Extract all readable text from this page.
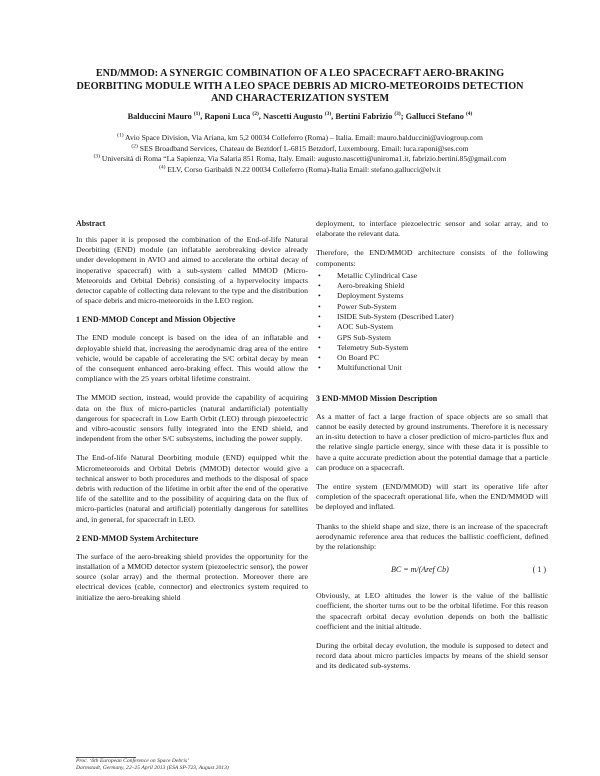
END/MMOD: A SYNERGIC COMBINATION OF A LEO SPACECRAFT AERO-BRAKING DEORBITING MODULE WITH A LEO SPACE DEBRIS AD MICRO-METEOROIDS DETECTION AND CHARACTERIZATION SYSTEM
Balduccini Mauro $^{(1)}$, Raponi Luca $^{(2)}$, Nascetti Augusto $^{(3)}$, Bertini Fabrizio $^{(3)}$; Gallucci Stefano $^{(4)}$

$^{(1)}$ Avio Space Division, Via Ariana, km 5,2 00034 Colleferro (Roma) – Italia. Email: mauro.balduccini@aviogroup.com

$^{(2)}$ SES Broadband Services, Chateau de Beztdorf L-6815 Betzdorf, Luxembourg. Email: luca.raponi@ses.com

$^{(3)}$ Università di Roma “La Sapienza, Via Salaria 851 Roma, Italy. Email: augusto.nascetti@uniroma1.it, fabrizio.bertini.85@gmail.com

$^{(4)}$ ELV, Corso Garibaldi N.22 00034 Colleferro (Roma)-Italia Email: stefano.gallucci@elv.it

Abstract

In this paper it is proposed the combination of the End-of-life Natural Deorbiting (END) module (an inflatable aerobreaking device already under development in AVIO and aimed to accelerate the orbital decay of inoperative spacecraft) with a sub-system called MMOD (Micro-Meteoroids and Orbital Debris) consisting of a hypervelocity impacts detector capable of collecting data relevant to the type and the distribution of space debris and micro-meteoroids in the LEO region.

1 END-MMOD Concept and Mission Objective

The END module concept is based on the idea of an inflatable and deployable shield that, increasing the aerodynamic drag area of the entire vehicle, would be capable of accelerating the S/C orbital decay by mean of the consequent enhanced aero-braking effect. This would allow the compliance with the 25 years orbital lifetime constraint.

The MMOD section, instead, would provide the capability of acquiring data on the flux of micro-particles (natural andartificial) potentially dangerous for spacecraft in Low Earth Orbit (LEO) through piezoelectric and vibro-acoustic sensors fully integrated into the END shield, and independent from the other S/C subsystems, including the power supply.

The End-of-life Natural Deorbiting module (END) equipped whit the Micrometeoroids and Orbital Debris (MMOD) detector would give a technical answer to both procedures and methods to the disposal of space debris with reduction of the lifetime in orbit after the end of the operative life of the satellite and to the possibility of acquiring data on the flux of micro-particles (natural and artificial) potentially dangerous for satellites and, in general, for spacecraft in LEO.

2 END-MMOD System Architecture

The surface of the aero-breaking shield provides the opportunity for the installation of a MMOD detector system (piezoelectric sensor), the power source (solar array) and the thermal protection. Moreover there are electrical devices (cable, connector) and electronics system required to initialize the aero-breaking shield

deployment, to interface piezoelectric sensor and solar array, and to elaborate the relevant data.

Therefore, the END/MMOD architecture consists of the following components:

• Metallic Cylindrical Case
• Aero-breaking Shield
• Deployment Systems
• Power Sub-System
• ISIDE Sub-System (Described Later)
• AOC Sub-System
• GPS Sub-System
• Telemetry Sub-System
• On Board PC
• Multifunctional Unit
3 END-MMOD Mission Description

As a matter of fact a large fraction of space objects are so small that cannot be easily detected by ground instruments. Therefore it is necessary an in-situ detection to have a closer prediction of micro-particles flux and the relative single particle energy, since with these data it is possible to have a quite accurate prediction about the potential damage that a particle can produce on a spacecraft.

The entire system (END/MMOD) will start its operative life after completion of the spacecraft operational life, when the END/MMOD will be deployed and inflated.

Thanks to the shield shape and size, there is an increase of the spacecraft aerodynamic reference area that reduces the ballistic coefficient, defined by the relationship:

BC = m/(Aref Cb)	( 1 )

Obviously, at LEO altitudes the lower is the value of the ballistic coefficient, the shorter turns out to be the orbital lifetime. For this reason the spacecraft orbital decay evolution depends on both the ballistic coefficient and the initial altitude.

During the orbital decay evolution, the module is supposed to detect and record data about micro particles impacts by means of the shield sensor and its dedicated sub-systems.

Proc. ‘6th European Conference on Space Debris’

Darmstadt, Germany, 22–25 April 2013 (ESA SP-723, August 2013)
